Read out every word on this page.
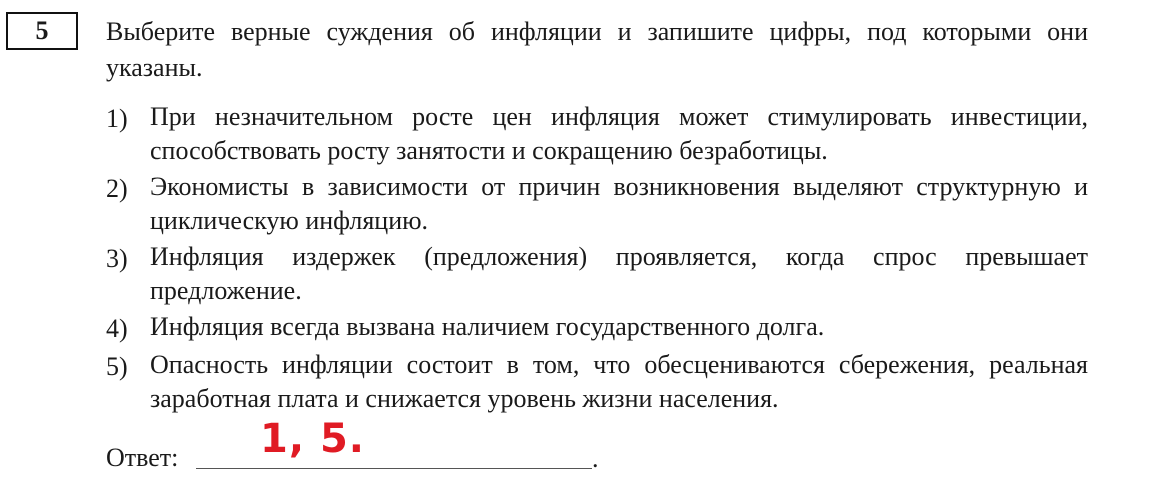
5 Выберите верные суждения об инфляции и запишите цифры, под которыми они указаны.
1) При незначительном росте цен инфляция может стимулировать инвестиции, способствовать росту занятости и сокращению безработицы.
2) Экономисты в зависимости от причин возникновения выделяют структурную и циклическую инфляцию.
3) Инфляция издержек (предложения) проявляется, когда спрос превышает предложение.
4) Инфляция всегда вызвана наличием государственного долга.
5) Опасность инфляции состоит в том, что обесцениваются сбережения, реальная заработная плата и снижается уровень жизни населения.
Ответ: 1, 5.	.
